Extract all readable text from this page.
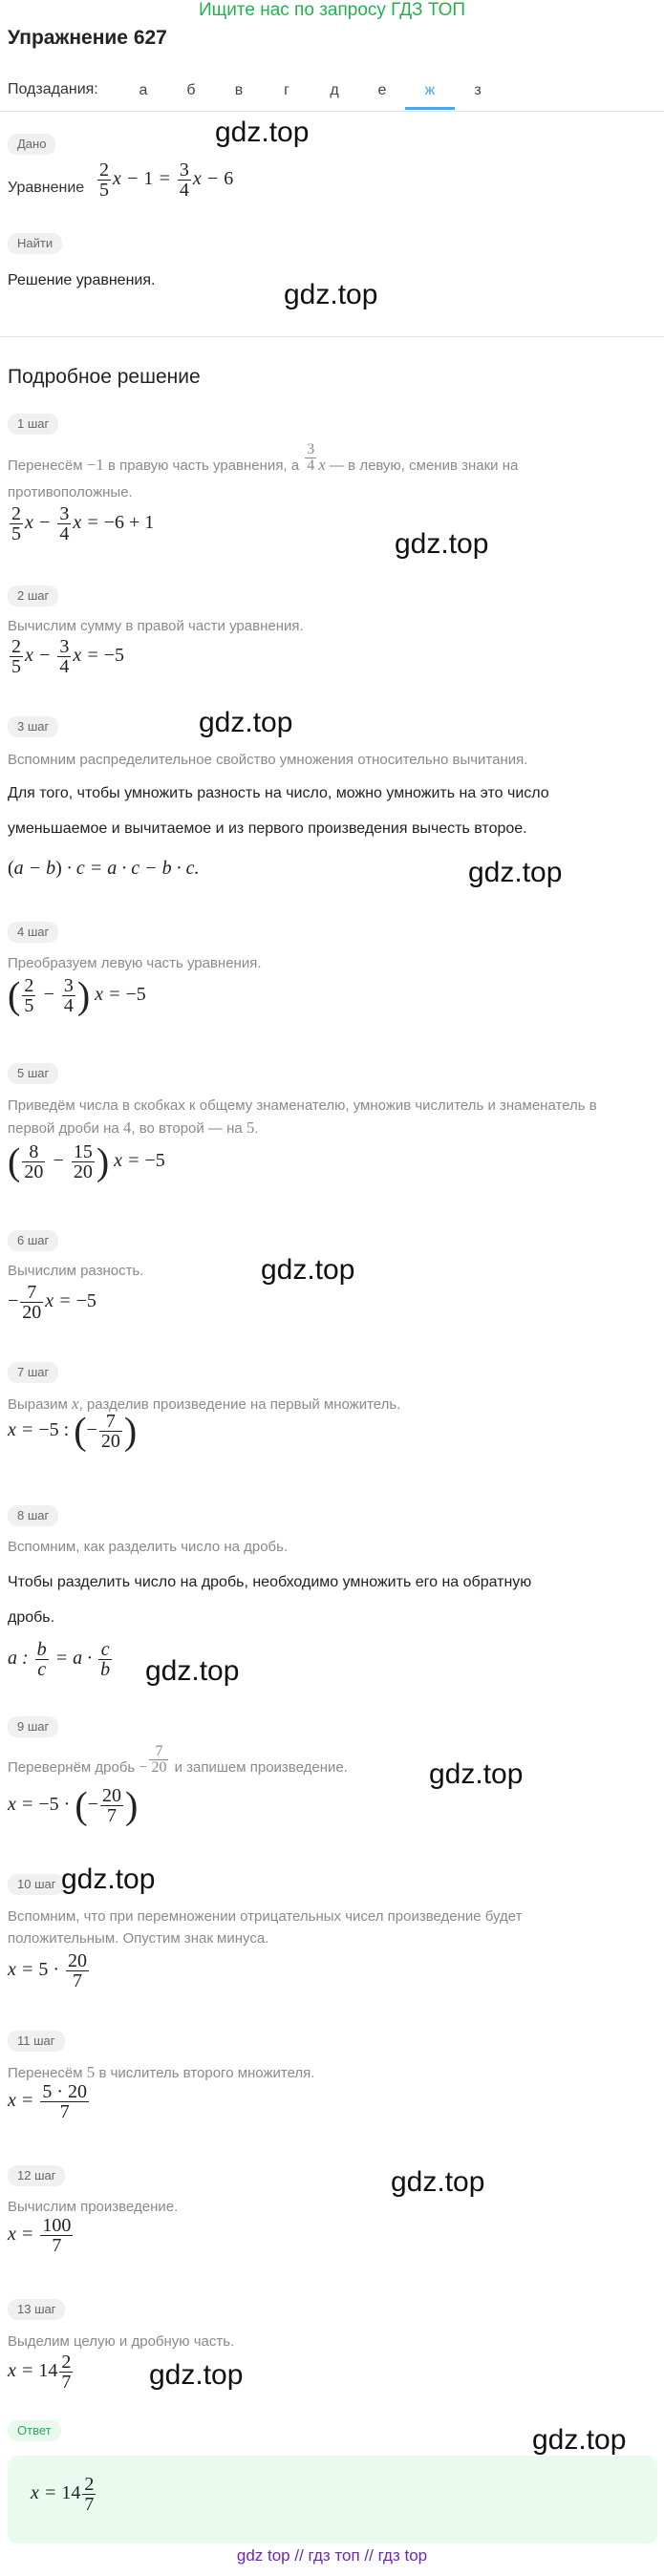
Ищите нас по запросу ГДЗ ТОП
Упражнение 627
Подзадания:	а	б	в	г	д	е	ж	з
Дано
Уравнение $\frac{2}{5}$ $x - 1 = \frac{3}{4}$ x − 6
Найти
Решение уравнения.
Подробное решение
1 шаг
Перенесём −1 в правую часть уравнения, а $\frac{3}{4}$ x — в левую, сменив знаки на
противоположные.
$\frac{2}{5}$ $x - \frac{3}{4}$ x = −6 + 1
2 шаг
Вычислим сумму в правой части уравнения.
$\frac{2}{5}$ $x - \frac{3}{4}$ x = −5
3 шаг
Вспомним распределительное свойство умножения относительно вычитания.
Для того, чтобы умножить разность на число, можно умножить на это число
уменьшаемое и вычитаемое и из первого произведения вычесть второе.
(a − b) · c = a · c − b · c.
4 шаг
Преобразуем левую часть уравнения.
( $\frac{2}{5} - \frac{3}{4}$ ) x = −5
5 шаг
Приведём числа в скобках к общему знаменателю, умножив числитель и знаменатель в
первой дроби на 4, во второй — на 5.
( $\frac{8}{20} - \frac{15}{20}$ ) x = −5
6 шаг
Вычислим разность.
− $\frac{7}{20}$ x = −5
7 шаг
Выразим x, разделив произведение на первый множитель.
x = −5 : (− $\frac{7}{20}$ )
8 шаг
Вспомним, как разделить число на дробь.
Чтобы разделить число на дробь, необходимо умножить его на обратную
дробь.
a : $\frac{b}{c} = a \cdot \frac{c}{b}$
9 шаг
Перевернём дробь − $\frac{7}{20}$ и запишем произведение.
x = −5 · (− $\frac{20}{7}$ )
10 шаг
Вспомним, что при перемножении отрицательных чисел произведение будет
положительным. Опустим знак минуса.
$x = 5 \cdot \frac{20}{7}$
11 шаг
Перенесём 5 в числитель второго множителя.
$x = \frac{5 \cdot 20}{7}$
12 шаг
Вычислим произведение.
$x = \frac{100}{7}$
13 шаг
Выделим целую и дробную часть.
$x = 14 \frac{2}{7}$
Ответ
$x = 14 \frac{2}{7}$
gdz.top
gdz.top
gdz.top
gdz.top
gdz.top
gdz.top
gdz.top
gdz.top
gdz.top
gdz.top
gdz.top
gdz.top
gdz top // гдз топ // гдз top
